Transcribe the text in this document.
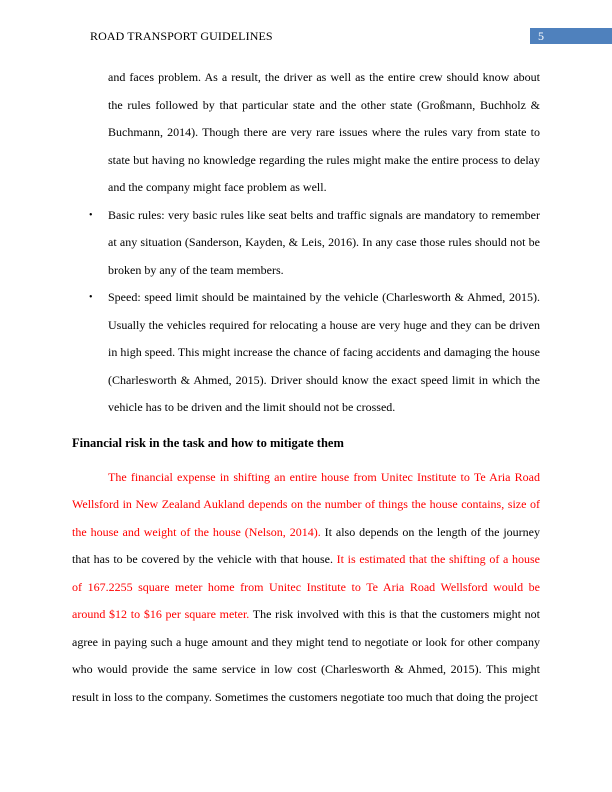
ROAD TRANSPORT GUIDELINES	5

and faces problem. As a result, the driver as well as the entire crew should know about the rules followed by that particular state and the other state (Großmann, Buchholz & Buchmann, 2014). Though there are very rare issues where the rules vary from state to state but having no knowledge regarding the rules might make the entire process to delay and the company might face problem as well.

• Basic rules: very basic rules like seat belts and traffic signals are mandatory to remember at any situation (Sanderson, Kayden, & Leis, 2016). In any case those rules should not be broken by any of the team members.
• Speed: speed limit should be maintained by the vehicle (Charlesworth & Ahmed, 2015). Usually the vehicles required for relocating a house are very huge and they can be driven in high speed. This might increase the chance of facing accidents and damaging the house (Charlesworth & Ahmed, 2015). Driver should know the exact speed limit in which the vehicle has to be driven and the limit should not be crossed.
Financial risk in the task and how to mitigate them

The financial expense in shifting an entire house from Unitec Institute to Te Aria Road Wellsford in New Zealand Aukland depends on the number of things the house contains, size of the house and weight of the house (Nelson, 2014). It also depends on the length of the journey that has to be covered by the vehicle with that house. It is estimated that the shifting of a house of 167.2255 square meter home from Unitec Institute to Te Aria Road Wellsford would be around $12 to $16 per square meter. The risk involved with this is that the customers might not agree in paying such a huge amount and they might tend to negotiate or look for other company who would provide the same service in low cost (Charlesworth & Ahmed, 2015). This might result in loss to the company. Sometimes the customers negotiate too much that doing the project
